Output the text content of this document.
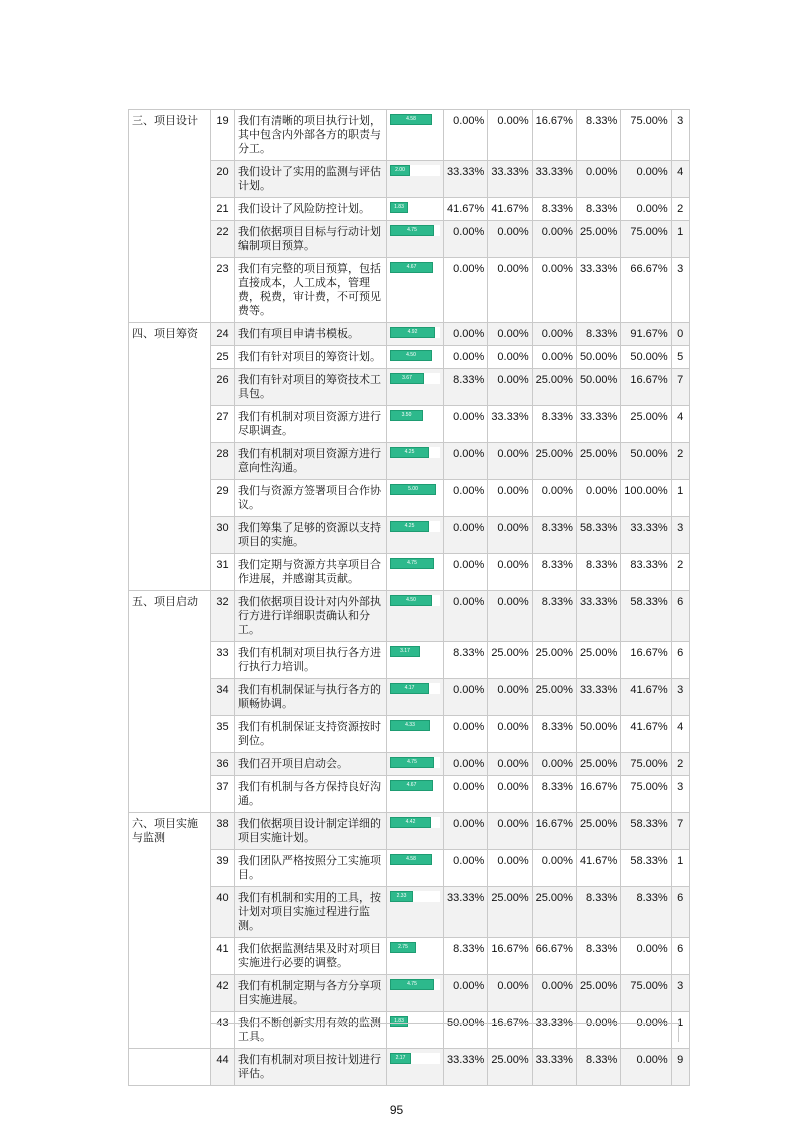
三、项目设计	19	我们有清晰的项目执行计划，其中包含内外部各方的职责与分工。	4.58	0.00%	0.00%	16.67%	8.33%	75.00%	3
	20	我们设计了实用的监测与评估计划。	2.00	33.33%	33.33%	33.33%	0.00%	0.00%	4
	21	我们设计了风险防控计划。	1.83	41.67%	41.67%	8.33%	8.33%	0.00%	2
	22	我们依据项目目标与行动计划编制项目预算。	4.75	0.00%	0.00%	0.00%	25.00%	75.00%	1
	23	我们有完整的项目预算，包括直接成本，人工成本，管理费，税费，审计费，不可预见费等。	4.67	0.00%	0.00%	0.00%	33.33%	66.67%	3
四、项目筹资	24	我们有项目申请书模板。	4.92	0.00%	0.00%	0.00%	8.33%	91.67%	0
	25	我们有针对项目的筹资计划。	4.50	0.00%	0.00%	0.00%	50.00%	50.00%	5
	26	我们有针对项目的筹资技术工具包。	3.67	8.33%	0.00%	25.00%	50.00%	16.67%	7
	27	我们有机制对项目资源方进行尽职调查。	3.50	0.00%	33.33%	8.33%	33.33%	25.00%	4
	28	我们有机制对项目资源方进行意向性沟通。	4.25	0.00%	0.00%	25.00%	25.00%	50.00%	2
	29	我们与资源方签署项目合作协议。	5.00	0.00%	0.00%	0.00%	0.00%	100.00%	1
	30	我们筹集了足够的资源以支持项目的实施。	4.25	0.00%	0.00%	8.33%	58.33%	33.33%	3
	31	我们定期与资源方共享项目合作进展，并感谢其贡献。	4.75	0.00%	0.00%	8.33%	8.33%	83.33%	2
五、项目启动	32	我们依据项目设计对内外部执行方进行详细职责确认和分工。	4.50	0.00%	0.00%	8.33%	33.33%	58.33%	6
	33	我们有机制对项目执行各方进行执行力培训。	3.17	8.33%	25.00%	25.00%	25.00%	16.67%	6
	34	我们有机制保证与执行各方的顺畅协调。	4.17	0.00%	0.00%	25.00%	33.33%	41.67%	3
	35	我们有机制保证支持资源按时到位。	4.33	0.00%	0.00%	8.33%	50.00%	41.67%	4
	36	我们召开项目启动会。	4.75	0.00%	0.00%	0.00%	25.00%	75.00%	2
	37	我们有机制与各方保持良好沟通。	4.67	0.00%	0.00%	8.33%	16.67%	75.00%	3
六、项目实施与监测	38	我们依据项目设计制定详细的项目实施计划。	4.42	0.00%	0.00%	16.67%	25.00%	58.33%	7
	39	我们团队严格按照分工实施项目。	4.58	0.00%	0.00%	0.00%	41.67%	58.33%	1
	40	我们有机制和实用的工具，按计划对项目实施过程进行监测。	2.33	33.33%	25.00%	25.00%	8.33%	8.33%	6
	41	我们依据监测结果及时对项目实施进行必要的调整。	2.75	8.33%	16.67%	66.67%	8.33%	0.00%	6
	42	我们有机制定期与各方分享项目实施进展。	4.75	0.00%	0.00%	0.00%	25.00%	75.00%	3
	43	我们不断创新实用有效的监测工具。	1.83	50.00%	16.67%	33.33%	0.00%	0.00%	1
	44	我们有机制对项目按计划进行评估。	2.17	33.33%	25.00%	33.33%	8.33%	0.00%	9
95
